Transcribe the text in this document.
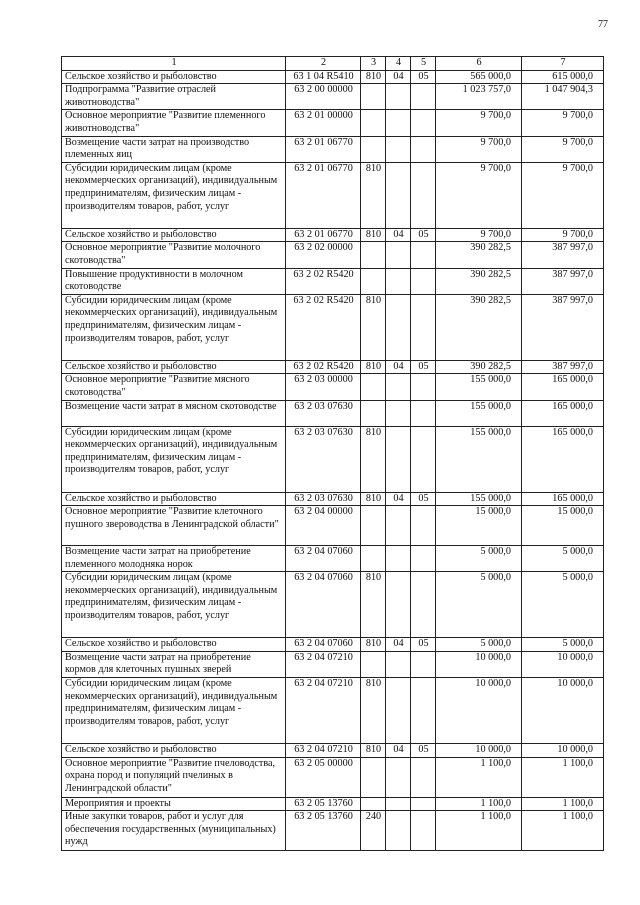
77
1	2	3	4	5	6	7
Сельское хозяйство и рыболовство	63 1 04 R5410	810	04	05	565 000,0	615 000,0
Подпрограмма "Развитие отраслей животноводства"	63 2 00 00000				1 023 757,0	1 047 904,3
Основное мероприятие "Развитие племенного животноводства"	63 2 01 00000				9 700,0	9 700,0
Возмещение части затрат на производство племенных яиц	63 2 01 06770				9 700,0	9 700,0
Субсидии юридическим лицам (кроме некоммерческих организаций), индивидуальным предпринимателям, физическим лицам - производителям товаров, работ, услуг	63 2 01 06770	810			9 700,0	9 700,0
Сельское хозяйство и рыболовство	63 2 01 06770	810	04	05	9 700,0	9 700,0
Основное мероприятие "Развитие молочного скотоводства"	63 2 02 00000				390 282,5	387 997,0
Повышение продуктивности в молочном скотоводстве	63 2 02 R5420				390 282,5	387 997,0
Субсидии юридическим лицам (кроме некоммерческих организаций), индивидуальным предпринимателям, физическим лицам - производителям товаров, работ, услуг	63 2 02 R5420	810			390 282,5	387 997,0
Сельское хозяйство и рыболовство	63 2 02 R5420	810	04	05	390 282,5	387 997,0
Основное мероприятие "Развитие мясного скотоводства"	63 2 03 00000				155 000,0	165 000,0
Возмещение части затрат в мясном скотоводстве	63 2 03 07630				155 000,0	165 000,0
Субсидии юридическим лицам (кроме некоммерческих организаций), индивидуальным предпринимателям, физическим лицам - производителям товаров, работ, услуг	63 2 03 07630	810			155 000,0	165 000,0
Сельское хозяйство и рыболовство	63 2 03 07630	810	04	05	155 000,0	165 000,0
Основное мероприятие "Развитие клеточного пушного звероводства в Ленинградской области"	63 2 04 00000				15 000,0	15 000,0
Возмещение части затрат на приобретение племенного молодняка норок	63 2 04 07060				5 000,0	5 000,0
Субсидии юридическим лицам (кроме некоммерческих организаций), индивидуальным предпринимателям, физическим лицам - производителям товаров, работ, услуг	63 2 04 07060	810			5 000,0	5 000,0
Сельское хозяйство и рыболовство	63 2 04 07060	810	04	05	5 000,0	5 000,0
Возмещение части затрат на приобретение кормов для клеточных пушных зверей	63 2 04 07210				10 000,0	10 000,0
Субсидии юридическим лицам (кроме некоммерческих организаций), индивидуальным предпринимателям, физическим лицам - производителям товаров, работ, услуг	63 2 04 07210	810			10 000,0	10 000,0
Сельское хозяйство и рыболовство	63 2 04 07210	810	04	05	10 000,0	10 000,0
Основное мероприятие "Развитие пчеловодства, охрана пород и популяций пчелиных в Ленинградской области"	63 2 05 00000				1 100,0	1 100,0
Мероприятия и проекты	63 2 05 13760				1 100,0	1 100,0
Иные закупки товаров, работ и услуг для обеспечения государственных (муниципальных) нужд	63 2 05 13760	240			1 100,0	1 100,0
